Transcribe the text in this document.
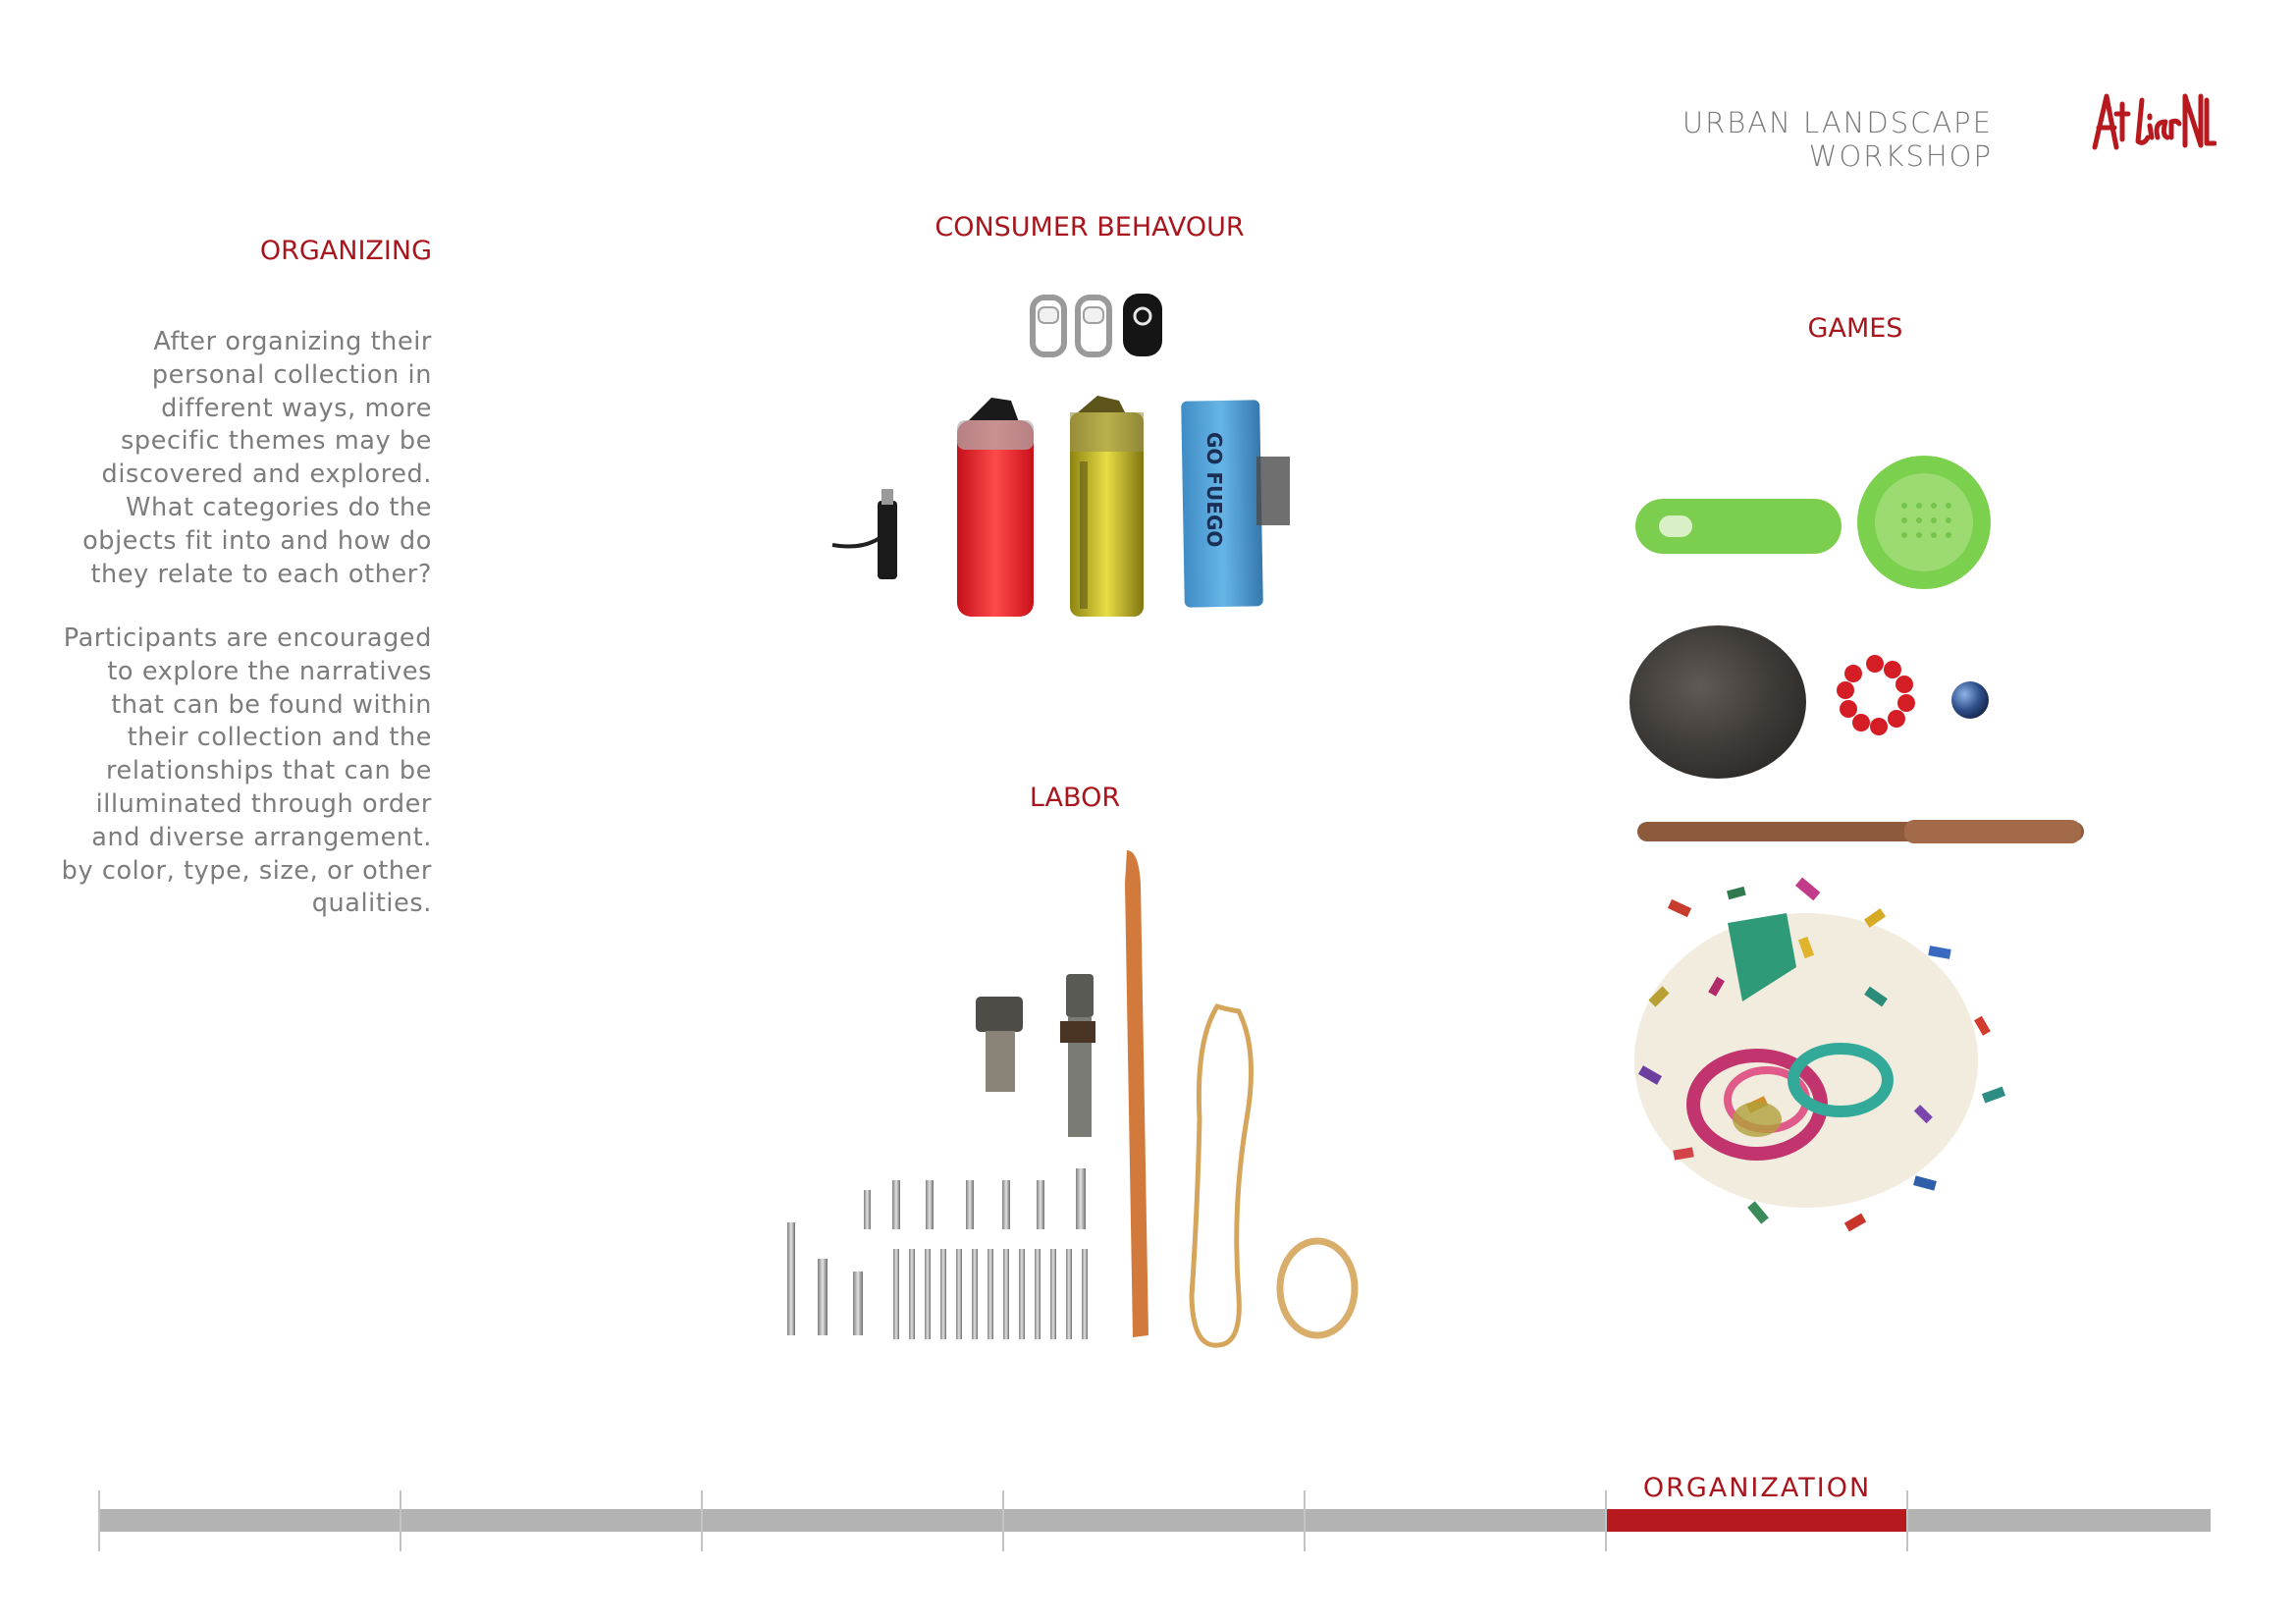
URBAN LANDSCAPE WORKSHOP
ORGANIZING
After organizing their personal collection in different ways, more specific themes may be discovered and explored. What categories do the objects fit into and how do they relate to each other?
Participants are encouraged to explore the narratives that can be found within their collection and the relationships that can be illuminated through order and diverse arrangement. by color, type, size, or other qualities.
CONSUMER BEHAVOUR
LABOR
GAMES
GO FUEGO
ORGANIZATION
